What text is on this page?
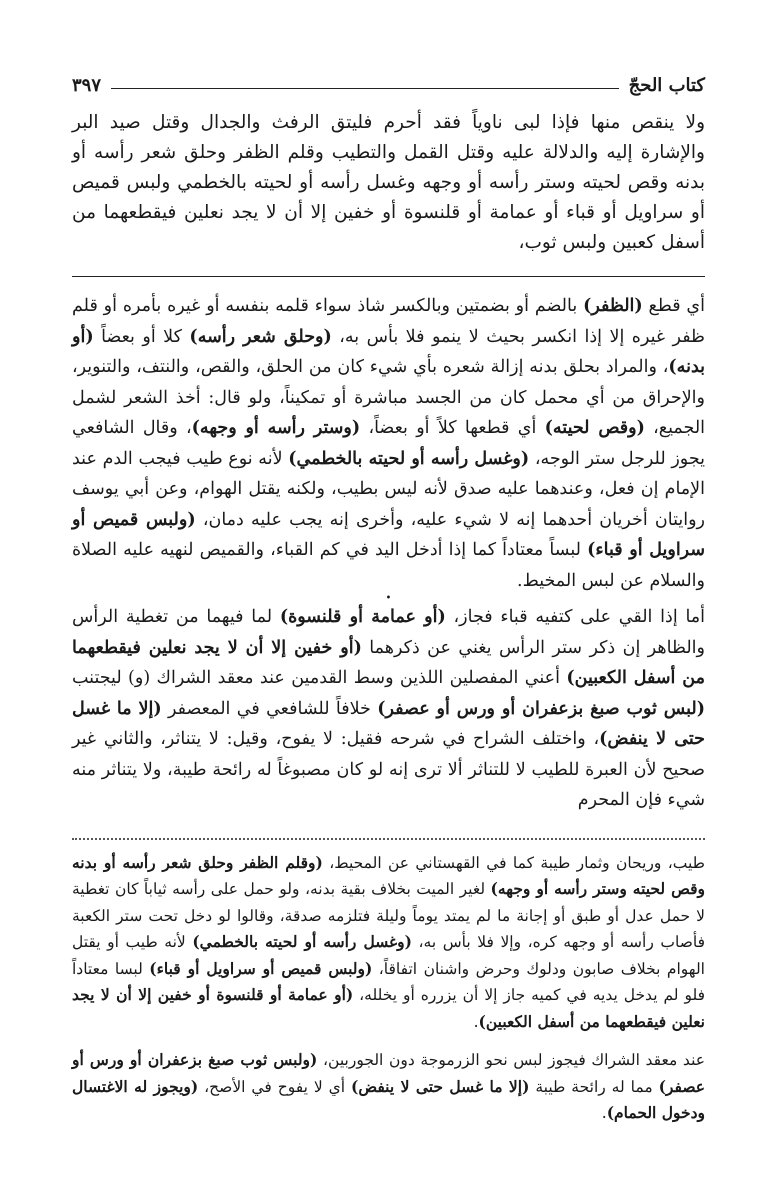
كتاب الحجّ
٣٩٧

ولا ينقص منها فإذا لبى ناوياً فقد أحرم فليتق الرفث والجدال وقتل صيد البر والإشارة إليه والدلالة عليه وقتل القمل والتطيب وقلم الظفر وحلق شعر رأسه أو بدنه وقص لحيته وستر رأسه أو وجهه وغسل رأسه أو لحيته بالخطمي ولبس قميص أو سراويل أو قباء أو عمامة أو قلنسوة أو خفين إلا أن لا يجد نعلين فيقطعهما من أسفل كعبين ولبس ثوب،

أي قطع (الظفر) بالضم أو بضمتين وبالكسر شاذ سواء قلمه بنفسه أو غيره بأمره أو قلم ظفر غيره إلا إذا انكسر بحيث لا ينمو فلا بأس به، (وحلق شعر رأسه) كلا أو بعضاً (أو بدنه)، والمراد بحلق بدنه إزالة شعره بأي شيء كان من الحلق، والقص، والنتف، والتنوير، والإحراق من أي محمل كان من الجسد مباشرة أو تمكيناً، ولو قال: أخذ الشعر لشمل الجميع، (وقص لحيته) أي قطعها كلاً أو بعضاً، (وستر رأسه أو وجهه)، وقال الشافعي يجوز للرجل ستر الوجه، (وغسل رأسه أو لحيته بالخطمي) لأنه نوع طيب فيجب الدم عند الإمام إن فعل، وعندهما عليه صدق لأنه ليس بطيب، ولكنه يقتل الهوام، وعن أبي يوسف روايتان أخريان أحدهما إنه لا شيء عليه، وأخرى إنه يجب عليه دمان، (ولبس قميص أو سراويل أو قباء) لبساً معتاداً كما إذا أدخل اليد في كم القباء، والقميص لنهيه عليه الصلاة والسلام عن لبس المخيط.

•

أما إذا القي على كتفيه قباء فجاز، (أو عمامة أو قلنسوة) لما فيهما من تغطية الرأس والظاهر إن ذكر ستر الرأس يغني عن ذكرهما (أو خفين إلا أن لا يجد نعلين فيقطعهما من أسفل الكعبين) أعني المفصلين اللذين وسط القدمين عند معقد الشراك (و) ليجتنب (لبس ثوب صبغ بزعفران أو ورس أو عصفر) خلافاً للشافعي في المعصفر (إلا ما غسل حتى لا ينفض)، واختلف الشراح في شرحه فقيل: لا يفوح، وقيل: لا يتناثر، والثاني غير صحيح لأن العبرة للطيب لا للتناثر ألا ترى إنه لو كان مصبوغاً له رائحة طيبة، ولا يتناثر منه شيء فإن المحرم

طيب، وريحان وثمار طيبة كما في القهستاني عن المحيط، (وقلم الظفر وحلق شعر رأسه أو بدنه وقص لحيته وستر رأسه أو وجهه) لغير الميت بخلاف بقية بدنه، ولو حمل على رأسه ثياباً كان تغطية لا حمل عدل أو طبق أو إجانة ما لم يمتد يوماً وليلة فتلزمه صدقة، وقالوا لو دخل تحت ستر الكعبة فأصاب رأسه أو وجهه كره، وإلا فلا بأس به، (وغسل رأسه أو لحيته بالخطمي) لأنه طيب أو يقتل الهوام بخلاف صابون ودلوك وحرض واشنان اتفاقاً، (ولبس قميص أو سراويل أو قباء) لبسا معتاداً فلو لم يدخل يديه في كميه جاز إلا أن يزرره أو يخلله، (أو عمامة أو قلنسوة أو خفين إلا أن لا يجد نعلين فيقطعهما من أسفل الكعبين).

عند معقد الشراك فيجوز لبس نحو الزرموجة دون الجوربين، (ولبس ثوب صبغ بزعفران أو ورس أو عصفر) مما له رائحة طيبة (إلا ما غسل حتى لا ينفض) أي لا يفوح في الأصح، (ويجوز له الاغتسال ودخول الحمام).
